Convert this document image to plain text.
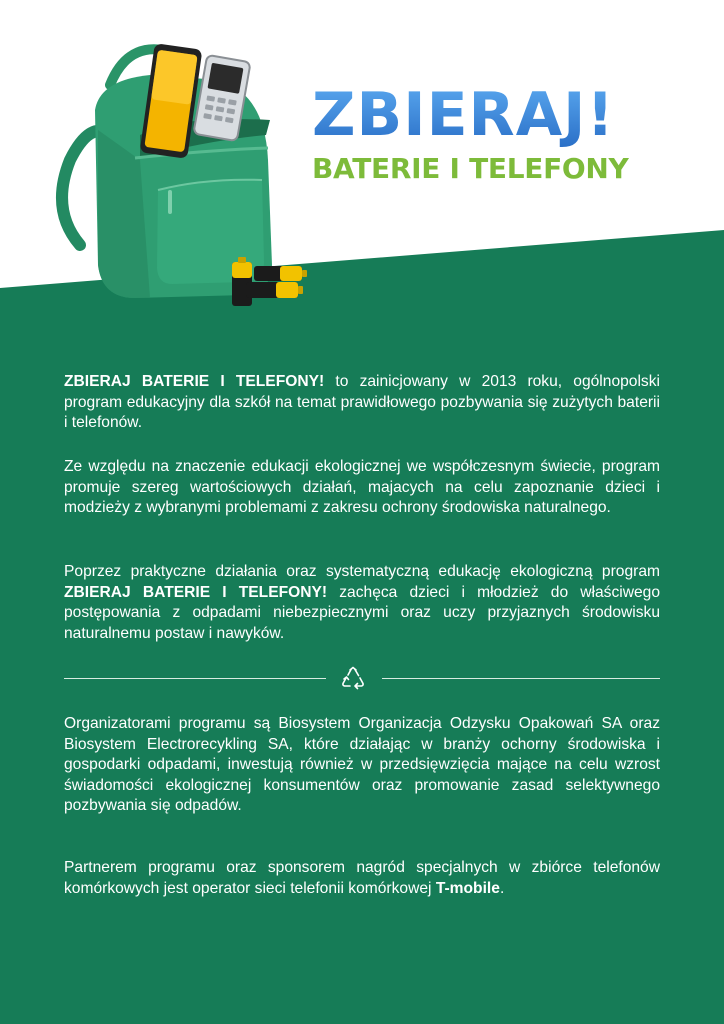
ZBIERAJ!
BATERIE I TELEFONY

ZBIERAJ BATERIE I TELEFONY! to zainicjowany w 2013 roku, ogólnopolski program edukacyjny dla szkół na temat prawidłowego pozbywania się zużytych baterii i telefonów.

Ze względu na znaczenie edukacji ekologicznej we współczesnym świecie, program promuje szereg wartościowych działań, majacych na celu zapoznanie dzieci i modzieży z wybranymi problemami z zakresu ochrony środowiska naturalnego.

Poprzez praktyczne działania oraz systematyczną edukację ekologiczną program ZBIERAJ BATERIE I TELEFONY! zachęca dzieci i młodzież do właściwego postępowania z odpadami niebezpiecznymi oraz uczy przyjaznych środowisku naturalnemu postaw i nawyków.

Organizatorami programu są Biosystem Organizacja Odzysku Opakowań SA oraz Biosystem Electrorecykling SA, które działając w branży ochorny środowiska i gospodarki odpadami, inwestują również w przedsięwzięcia mające na celu wzrost świadomości ekologicznej konsumentów oraz promowanie zasad selektywnego pozbywania się odpadów.

Partnerem programu oraz sponsorem nagród specjalnych w zbiórce telefonów komórkowych jest operator sieci telefonii komórkowej T-mobile.
